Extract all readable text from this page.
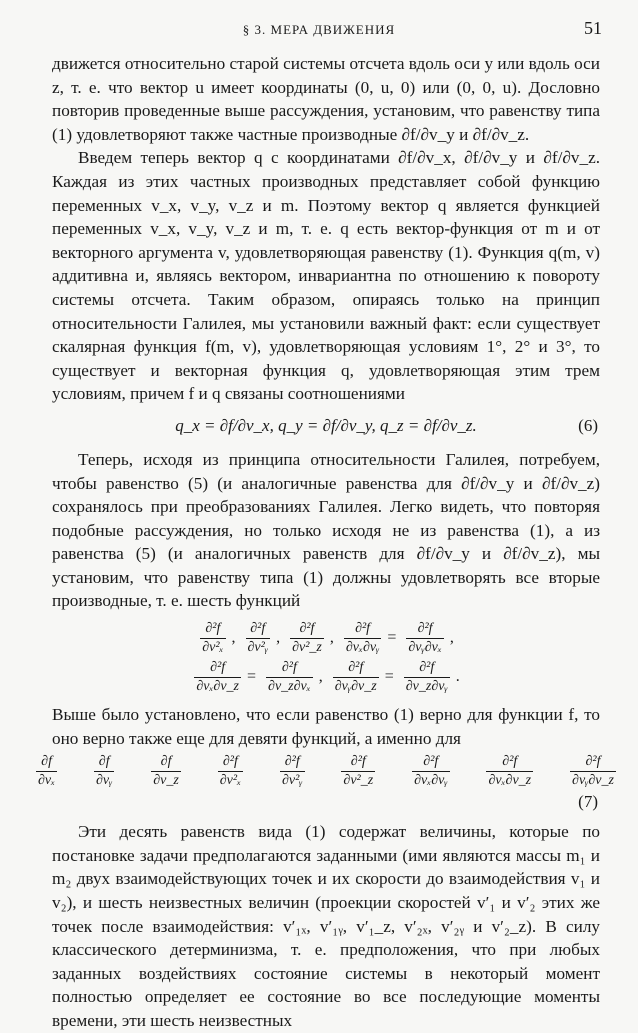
§ 3. МЕРА ДВИЖЕНИЯ	51

движется относительно старой системы отсчета вдоль оси y или вдоль оси z, т. е. что вектор u имеет координаты (0, u, 0) или (0, 0, u). Дословно повторив проведенные выше рассуждения, установим, что равенству типа (1) удовлетворяют также частные производные ∂f/∂v_y и ∂f/∂v_z.

Введем теперь вектор q с координатами ∂f/∂v_x, ∂f/∂v_y и ∂f/∂v_z. Каждая из этих частных производных представляет собой функцию переменных v_x, v_y, v_z и m. Поэтому вектор q является функцией переменных v_x, v_y, v_z и m, т. е. q есть вектор-функция от m и от векторного аргумента v, удовлетворяющая равенству (1). Функция q(m, v) аддитивна и, являясь вектором, инвариантна по отношению к повороту системы отсчета. Таким образом, опираясь только на принцип относительности Галилея, мы установили важный факт: если существует скалярная функция f(m, v), удовлетворяющая условиям 1°, 2° и 3°, то существует и векторная функция q, удовлетворяющая этим трем условиям, причем f и q связаны соотношениями

q_x = ∂f/∂v_x, q_y = ∂f/∂v_y, q_z = ∂f/∂v_z.	(6)

Теперь, исходя из принципа относительности Галилея, потребуем, чтобы равенство (5) (и аналогичные равенства для ∂f/∂v_y и ∂f/∂v_z) сохранялось при преобразованиях Галилея. Легко видеть, что повторяя подобные рассуждения, но только исходя не из равенства (1), а из равенства (5) (и аналогичных равенств для ∂f/∂v_y и ∂f/∂v_z), мы установим, что равенству типа (1) должны удовлетворять все вторые производные, т. е. шесть функций

$\frac{\text{∂²f}}{\text{∂v²ₓ}}$ , $\frac{\text{∂²f}}{\text{∂v²ᵧ}}$ , $\frac{\text{∂²f}}{\text{∂v²\_z}}$ , $\frac{\text{∂²f}}{\text{∂vₓ∂vᵧ}} = \frac{\text{∂²f}}{\text{∂vᵧ∂vₓ}}$ ,
$\frac{\text{∂²f}}{\text{∂vₓ∂v\_z}} = \frac{\text{∂²f}}{\text{∂v\_z∂vₓ}}$ , $\frac{\text{∂²f}}{\text{∂vᵧ∂v\_z}} = \frac{\text{∂²f}}{\text{∂v\_z∂vᵧ}}$ .

Выше было установлено, что если равенство (1) верно для функции f, то оно верно также еще для девяти функций, а именно для

$\frac{\partial f}{\text{∂vₓ}}$	$\frac{\partial f}{\text{∂vᵧ}}$	$\frac{\partial f}{\partial v\_z}$	$\frac{\text{∂²f}}{\text{∂v²ₓ}}$	$\frac{\text{∂²f}}{\text{∂v²ᵧ}}$	$\frac{\text{∂²f}}{\text{∂v²\_z}}$	$\frac{\text{∂²f}}{\text{∂vₓ∂vᵧ}}$	$\frac{\text{∂²f}}{\text{∂vₓ∂v\_z}}$	$\frac{\text{∂²f}}{\text{∂vᵧ∂v\_z}}$
(7)

Эти десять равенств вида (1) содержат величины, которые по постановке задачи предполагаются заданными (ими являются массы m₁ и m₂ двух взаимодействующих точек и их скорости до взаимодействия v₁ и v₂), и шесть неизвестных величин (проекции скоростей v′₁ и v′₂ этих же точек после взаимодействия: v′₁ₓ, v′₁ᵧ, v′₁_z, v′₂ₓ, v′₂ᵧ и v′₂_z). В силу классического детерминизма, т. е. предположения, что при любых заданных воздействиях состояние системы в некоторый момент полностью определяет ее состояние во все последующие моменты времени, эти шесть неизвестных
